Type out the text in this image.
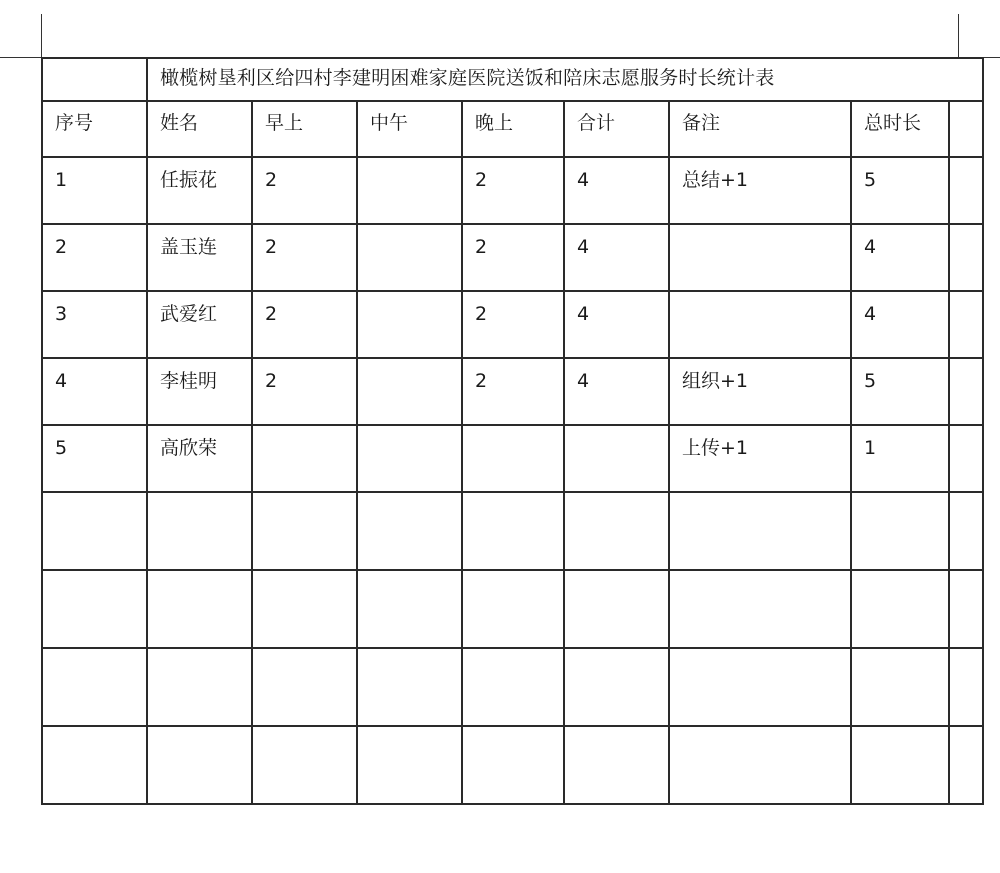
	橄榄树垦利区给四村李建明困难家庭医院送饭和陪床志愿服务时长统计表							
序号	姓名	早上	中午	晚上	合计	备注	总时长	
1	任振花	2		2	4	总结+1	5	
2	盖玉连	2		2	4		4	
3	武爱红	2		2	4		4	
4	李桂明	2		2	4	组织+1	5	
5	高欣荣					上传+1	1	
